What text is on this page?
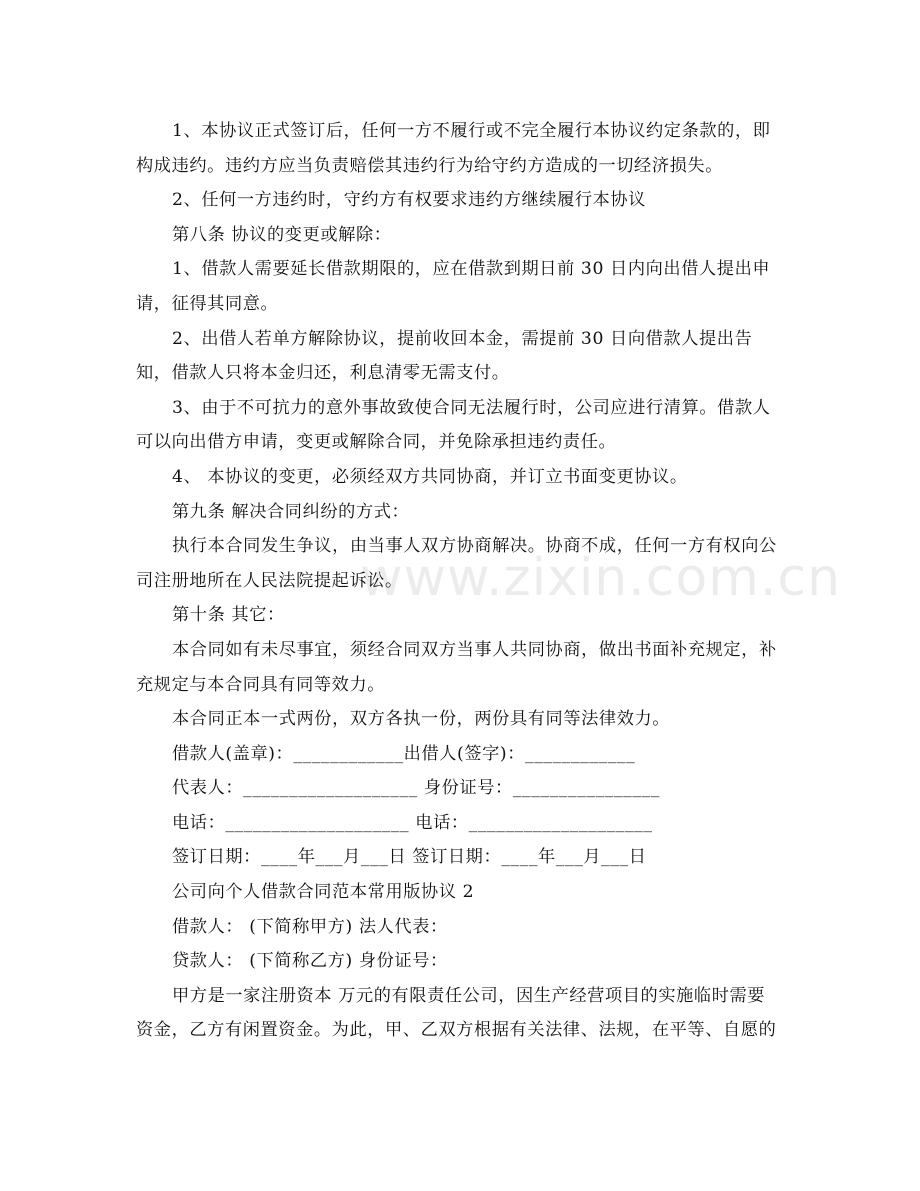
www.zixin.com.cn
1、本协议正式签订后，任何一方不履行或不完全履行本协议约定条款的，即
构成违约。违约方应当负责赔偿其违约行为给守约方造成的一切经济损失。
2、任何一方违约时，守约方有权要求违约方继续履行本协议
第八条 协议的变更或解除：
1、借款人需要延长借款期限的，应在借款到期日前 30 日内向出借人提出申
请，征得其同意。
2、出借人若单方解除协议，提前收回本金，需提前 30 日向借款人提出告
知，借款人只将本金归还，利息清零无需支付。
3、由于不可抗力的意外事故致使合同无法履行时，公司应进行清算。借款人
可以向出借方申请，变更或解除合同，并免除承担违约责任。
4、 本协议的变更，必须经双方共同协商，并订立书面变更协议。
第九条 解决合同纠纷的方式：
执行本合同发生争议，由当事人双方协商解决。协商不成，任何一方有权向公
司注册地所在人民法院提起诉讼。
第十条 其它：
本合同如有未尽事宜，须经合同双方当事人共同协商，做出书面补充规定，补
充规定与本合同具有同等效力。
本合同正本一式两份，双方各执一份，两份具有同等法律效力。
借款人(盖章)：____________出借人(签字)：____________
代表人：___________________ 身份证号：________________
电话：____________________ 电话：____________________
签订日期：____年___月___日 签订日期：____年___月___日
公司向个人借款合同范本常用版协议 2
借款人： (下简称甲方) 法人代表：
贷款人： (下简称乙方) 身份证号：
甲方是一家注册资本 万元的有限责任公司，因生产经营项目的实施临时需要
资金，乙方有闲置资金。为此，甲、乙双方根据有关法律、法规，在平等、自愿的
